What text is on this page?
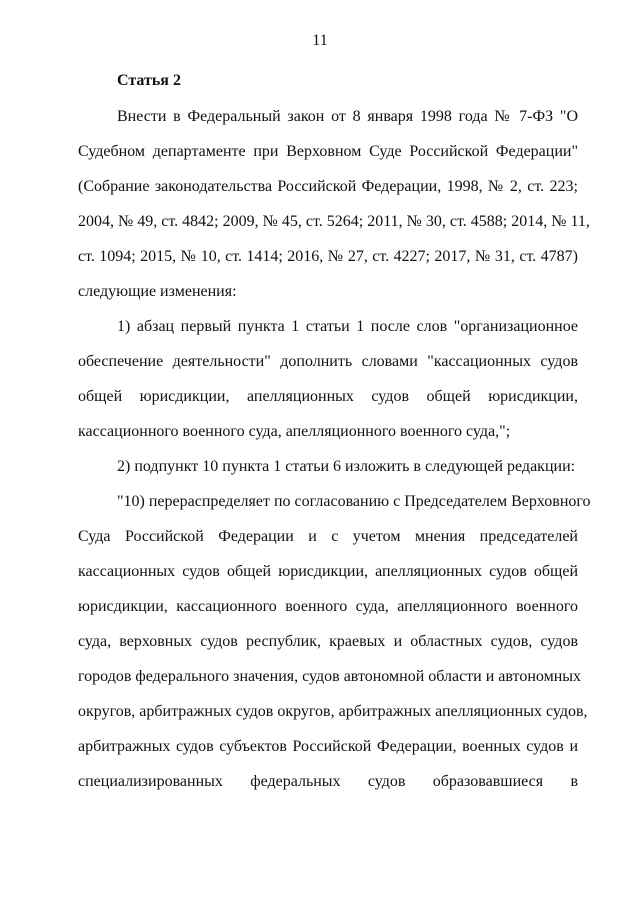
11
Статья 2
Внести в Федеральный закон от 8 января 1998 года № 7-ФЗ "О
Судебном департаменте при Верховном Суде Российской Федерации"
(Собрание законодательства Российской Федерации, 1998, № 2, ст. 223;
2004, № 49, ст. 4842; 2009, № 45, ст. 5264; 2011, № 30, ст. 4588; 2014, № 11,
ст. 1094; 2015, № 10, ст. 1414; 2016, № 27, ст. 4227; 2017, № 31, ст. 4787)
следующие изменения:
1) абзац первый пункта 1 статьи 1 после слов "организационное
обеспечение деятельности" дополнить словами "кассационных судов
общей юрисдикции, апелляционных судов общей юрисдикции,
кассационного военного суда, апелляционного военного суда,";
2) подпункт 10 пункта 1 статьи 6 изложить в следующей редакции:
"10) перераспределяет по согласованию с Председателем Верховного
Суда Российской Федерации и с учетом мнения председателей
кассационных судов общей юрисдикции, апелляционных судов общей
юрисдикции, кассационного военного суда, апелляционного военного
суда, верховных судов республик, краевых и областных судов, судов
городов федерального значения, судов автономной области и автономных
округов, арбитражных судов округов, арбитражных апелляционных судов,
арбитражных судов субъектов Российской Федерации, военных судов и
специализированных федеральных судов образовавшиеся в
